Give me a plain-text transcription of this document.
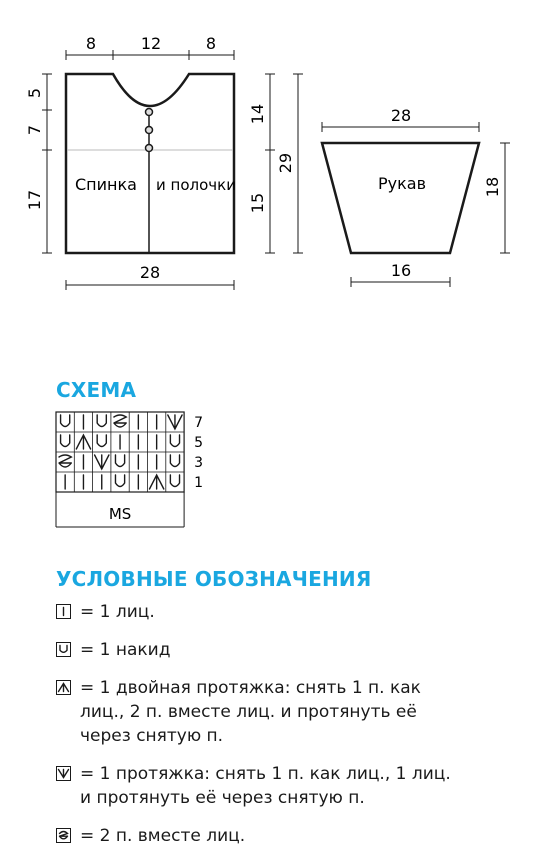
Спинка и полочки
8	12	8
28
5
7
17
14
15
29
Рукав
28
16
18
СХЕМА
7
5
3
1
MS
УСЛОВНЫЕ ОБОЗНАЧЕНИЯ
= 1 лиц.
= 1 накид
= 1 двойная протяжка: снять 1 п. как
лиц., 2 п. вместе лиц. и протянуть её
через снятую п.
= 1 протяжка: снять 1 п. как лиц., 1 лиц.
и протянуть её через снятую п.
= 2 п. вместе лиц.
